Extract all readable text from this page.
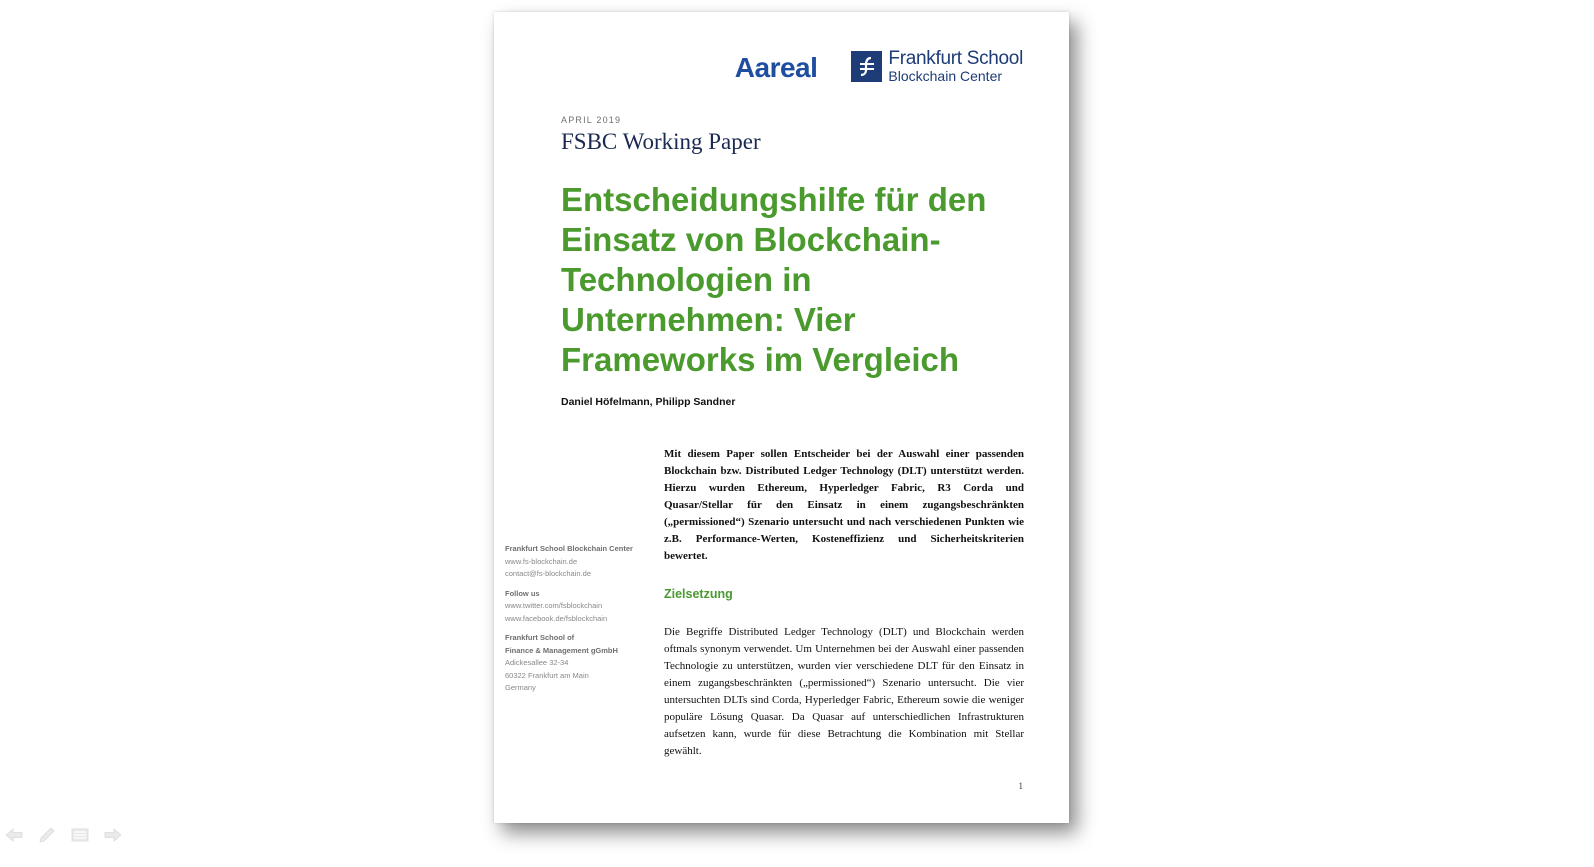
Aareal	Frankfurt School
Blockchain Center
APRIL 2019
FSBC Working Paper
Entscheidungshilfe für den Einsatz von Blockchain-Technologien in Unternehmen: Vier Frameworks im Vergleich
Daniel Höfelmann, Philipp Sandner

Mit diesem Paper sollen Entscheider bei der Auswahl einer passenden Blockchain bzw. Distributed Ledger Technology (DLT) unterstützt werden. Hierzu wurden Ethereum, Hyperledger Fabric, R3 Corda und Quasar/Stellar für den Einsatz in einem zugangsbeschränkten („permissioned“) Szenario untersucht und nach verschiedenen Punkten wie z.B. Performance-Werten, Kosteneffizienz und Sicherheitskriterien bewertet.

Zielsetzung

Die Begriffe Distributed Ledger Technology (DLT) und Blockchain werden oftmals synonym verwendet. Um Unternehmen bei der Auswahl einer passenden Technologie zu unterstützen, wurden vier verschiedene DLT für den Einsatz in einem zugangsbeschränkten („permissioned“) Szenario untersucht. Die vier untersuchten DLTs sind Corda, Hyperledger Fabric, Ethereum sowie die weniger populäre Lösung Quasar. Da Quasar auf unterschiedlichen Infrastrukturen aufsetzen kann, wurde für diese Betrachtung die Kombination mit Stellar gewählt.

Frankfurt School Blockchain Center
www.fs-blockchain.de
contact@fs-blockchain.de
Follow us
www.twitter.com/fsblockchain
www.facebook.de/fsblockchain
Frankfurt School of
Finance & Management gGmbH
Adickesallee 32-34
60322 Frankfurt am Main
Germany
1
